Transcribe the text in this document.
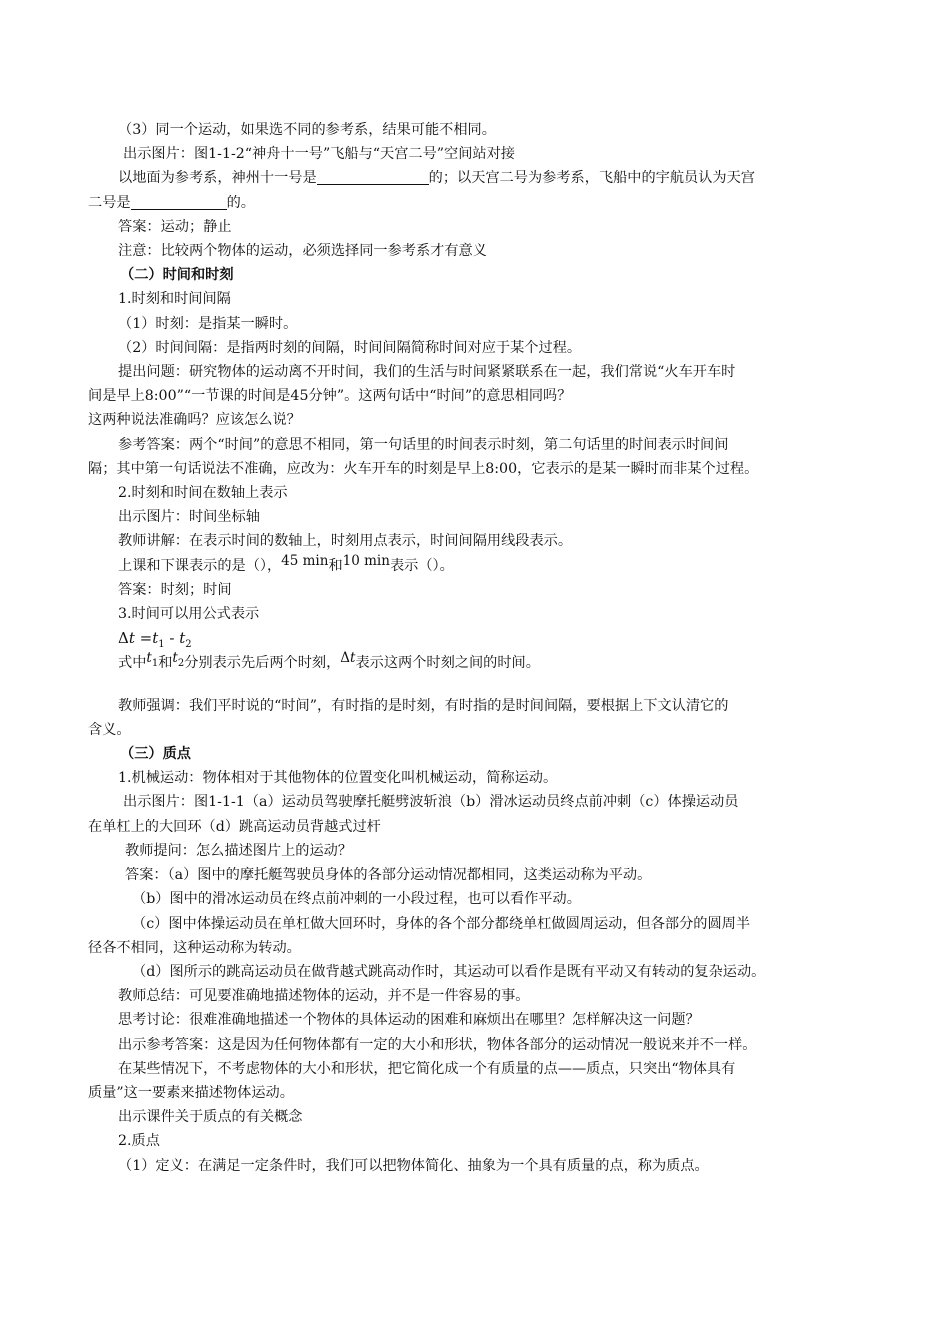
（3）同一个运动，如果选不同的参考系，结果可能不相同。

出示图片：图1-1-2“神舟十一号”飞船与“天宫二号”空间站对接

以地面为参考系，神州十一号是	的；以天宫二号为参考系，飞船中的宇航员认为天宫

二号是	的。

答案：运动；静止

注意：比较两个物体的运动，必须选择同一参考系才有意义

（二）时间和时刻

1.时刻和时间间隔

（1）时刻：是指某一瞬时。

（2）时间间隔：是指两时刻的间隔，时间间隔简称时间对应于某个过程。

提出问题：研究物体的运动离不开时间，我们的生活与时间紧紧联系在一起，我们常说“火车开车时

间是早上8:00”“一节课的时间是45分钟”。这两句话中“时间”的意思相同吗？

这两种说法准确吗？应该怎么说？

参考答案：两个“时间”的意思不相同，第一句话里的时间表示时刻，第二句话里的时间表示时间间

隔；其中第一句话说法不准确，应改为：火车开车的时刻是早上8:00，它表示的是某一瞬时而非某个过程。

2.时刻和时间在数轴上表示

出示图片：时间坐标轴

教师讲解：在表示时间的数轴上，时刻用点表示，时间间隔用线段表示。

上课和下课表示的是（），45 min和10 min表示（）。

答案：时刻；时间

3.时间可以用公式表示

$\Delta t =t_1 - t_2$

式中$t_1$和$t_2$分别表示先后两个时刻，Δt表示这两个时刻之间的时间。

教师强调：我们平时说的“时间”，有时指的是时刻，有时指的是时间间隔，要根据上下文认清它的

含义。

（三）质点

1.机械运动：物体相对于其他物体的位置变化叫机械运动，简称运动。

出示图片：图1-1-1（a）运动员驾驶摩托艇劈波斩浪（b）滑冰运动员终点前冲刺（c）体操运动员

在单杠上的大回环（d）跳高运动员背越式过杆

教师提问：怎么描述图片上的运动？

答案：（a）图中的摩托艇驾驶员身体的各部分运动情况都相同，这类运动称为平动。

（b）图中的滑冰运动员在终点前冲刺的一小段过程，也可以看作平动。

（c）图中体操运动员在单杠做大回环时，身体的各个部分都绕单杠做圆周运动，但各部分的圆周半

径各不相同，这种运动称为转动。

（d）图所示的跳高运动员在做背越式跳高动作时，其运动可以看作是既有平动又有转动的复杂运动。

教师总结：可见要准确地描述物体的运动，并不是一件容易的事。

思考讨论：很难准确地描述一个物体的具体运动的困难和麻烦出在哪里？怎样解决这一问题？

出示参考答案：这是因为任何物体都有一定的大小和形状，物体各部分的运动情况一般说来并不一样。

在某些情况下，不考虑物体的大小和形状，把它简化成一个有质量的点——质点，只突出“物体具有

质量”这一要素来描述物体运动。

出示课件关于质点的有关概念

2.质点

（1）定义：在满足一定条件时，我们可以把物体简化、抽象为一个具有质量的点，称为质点。
